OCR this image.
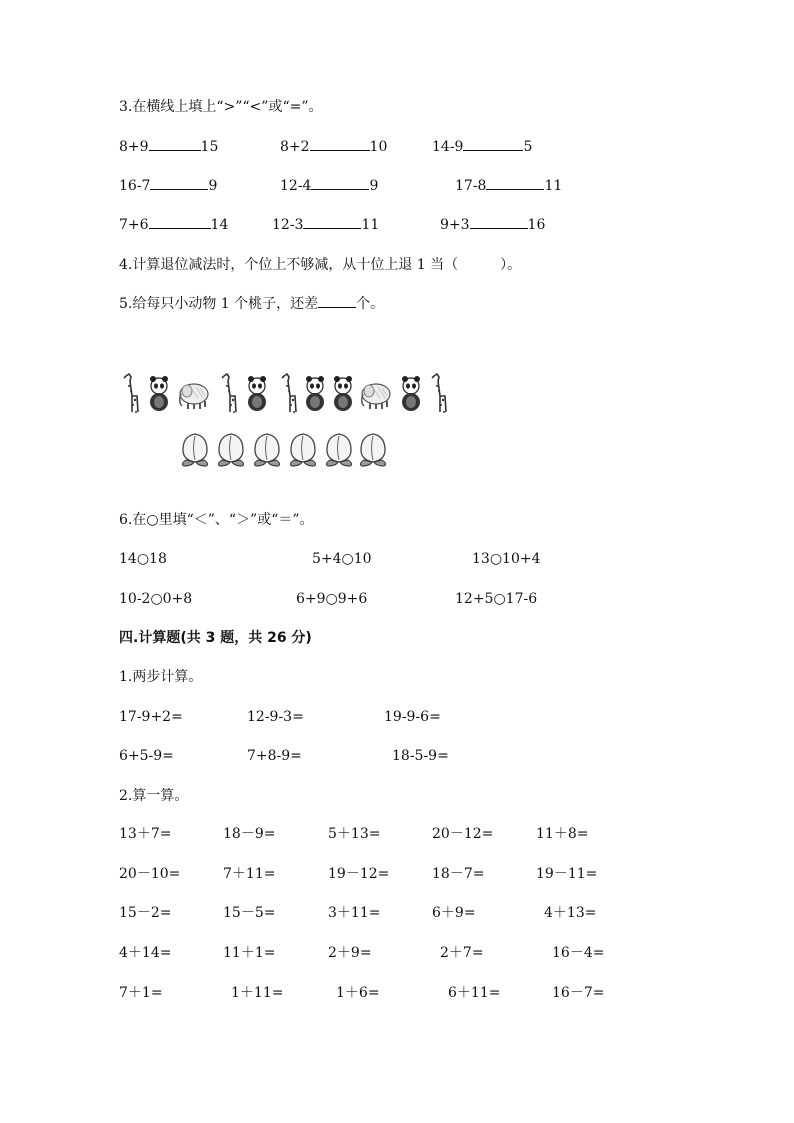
3.在横线上填上“>”“<”或“=”。
8+9	15	8+2	10	14-9	5
16-7	9	12-4	9	17-8	11
7+6	14	12-3	11	9+3	16
4.计算退位减法时，个位上不够减，从十位上退 1 当（　　　）。
5.给每只小动物 1 个桃子，还差	个。
6.在○里填“＜”、“＞”或“＝”。
14○18	5+4○10	13○10+4
10-2○0+8	6+9○9+6	12+5○17-6
四.计算题(共 3 题，共 26 分)
1.两步计算。
17-9+2=	12-9-3=	19-9-6=
6+5-9=	7+8-9=	18-5-9=
2.算一算。
13＋7=	18－9=	5＋13=	20－12=	11＋8=
20－10=	7＋11=	19－12=	18－7=	19－11=
15－2=	15－5=	3＋11=	6＋9=	4＋13=
4＋14=	11＋1=	2＋9=	2＋7=	16－4=
7＋1=	1＋11=	1＋6=	6＋11=	16－7=
